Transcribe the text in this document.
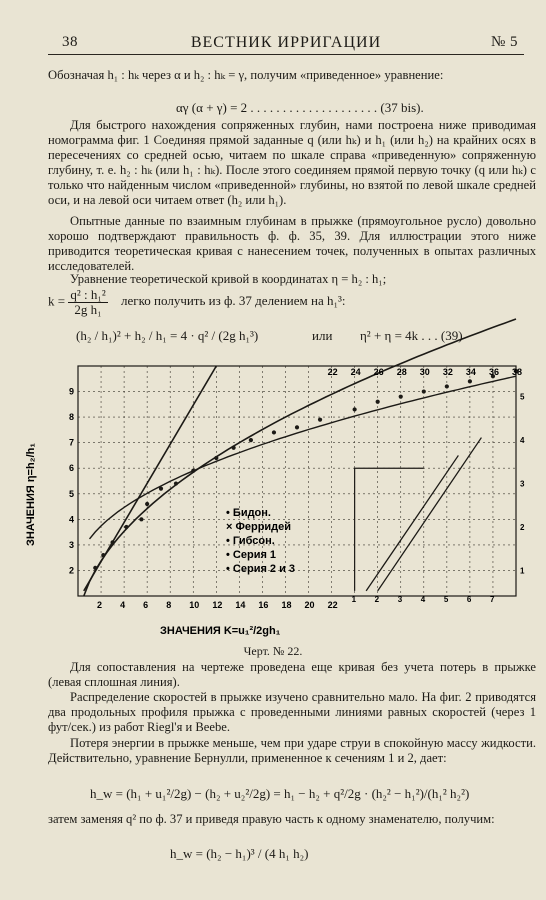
38	ВЕСТНИК ИРРИГАЦИИ	№ 5
Обозначая h₁ : hₖ через α и h₂ : hₖ = γ, получим «приведенное» уравнение:
αγ (α + γ) = 2 . . . . . . . . . . . . . . . . . . . . (37 bis).
Для быстрого нахождения сопряженных глубин, нами построена ниже приводимая номограмма фиг. 1 Соединяя прямой заданные q (или hₖ) и h₁ (или h₂) на крайних осях в пересечениях со средней осью, читаем по шкале справа «приведенную» сопряженную глубину, т. е. h₂ : hₖ (или h₁ : hₖ). После этого соединяем прямой первую точку (q или hₖ) с только что найденным числом «приведенной» глубины, но взятой по левой шкале средней оси, и на левой оси читаем ответ (h₂ или h₁).
Опытные данные по взаимным глубинам в прыжке (прямоугольное русло) довольно хорошо подтверждают правильность ф. ф. 35, 39. Для иллюстрации этого ниже приводится теоретическая кривая с нанесением точек, полученных в опытах различных исследователей.
Уравнение теоретической кривой в координатах η = h₂ : h₁;
$k = \frac{\text{q² : h₁²}}{\text{2g h₁}}$ легко получить из ф. 37 делением на h₁³:
(h₂ / h₁)² + h₂ / h₁ = 4 · q² / (2g h₁³)	или η² + η = 4k . . . (39)
2 4 6 8 10 12 14 16 18 20 22
22 24 26 28 30 32 34 36 38
2
3
4
5
6
7
8
9
1 2 3 4 5 6 7
1
2
3
4
5
ЗНАЧЕНИЯ η=h₂/h₁
ЗНАЧЕНИЯ K=u₁²/2gh₁
• Бидон.
× Ферридей
• Гибсон.
• Серия 1
• Серия 2 и 3
Черт. № 22.
Для сопоставления на чертеже проведена еще кривая без учета потерь в прыжке (левая сплошная линия).
Распределение скоростей в прыжке изучено сравнительно мало. На фиг. 2 приводятся два продольных профиля прыжка с проведенными линиями равных скоростей (через 1 фут/сек.) из работ Riegl'я и Beebe.
Потеря энергии в прыжке меньше, чем при ударе струи в спокойную массу жидкости. Действительно, уравнение Бернулли, примененное к сечениям 1 и 2, дает:
h_w = (h₁ + u₁²/2g) − (h₂ + u₂²/2g) = h₁ − h₂ + q²/2g · (h₂² − h₁²)/(h₁² h₂²)
затем заменяя q² по ф. 37 и приведя правую часть к одному знаменателю, получим:
h_w = (h₂ − h₁)³ / (4 h₁ h₂)
